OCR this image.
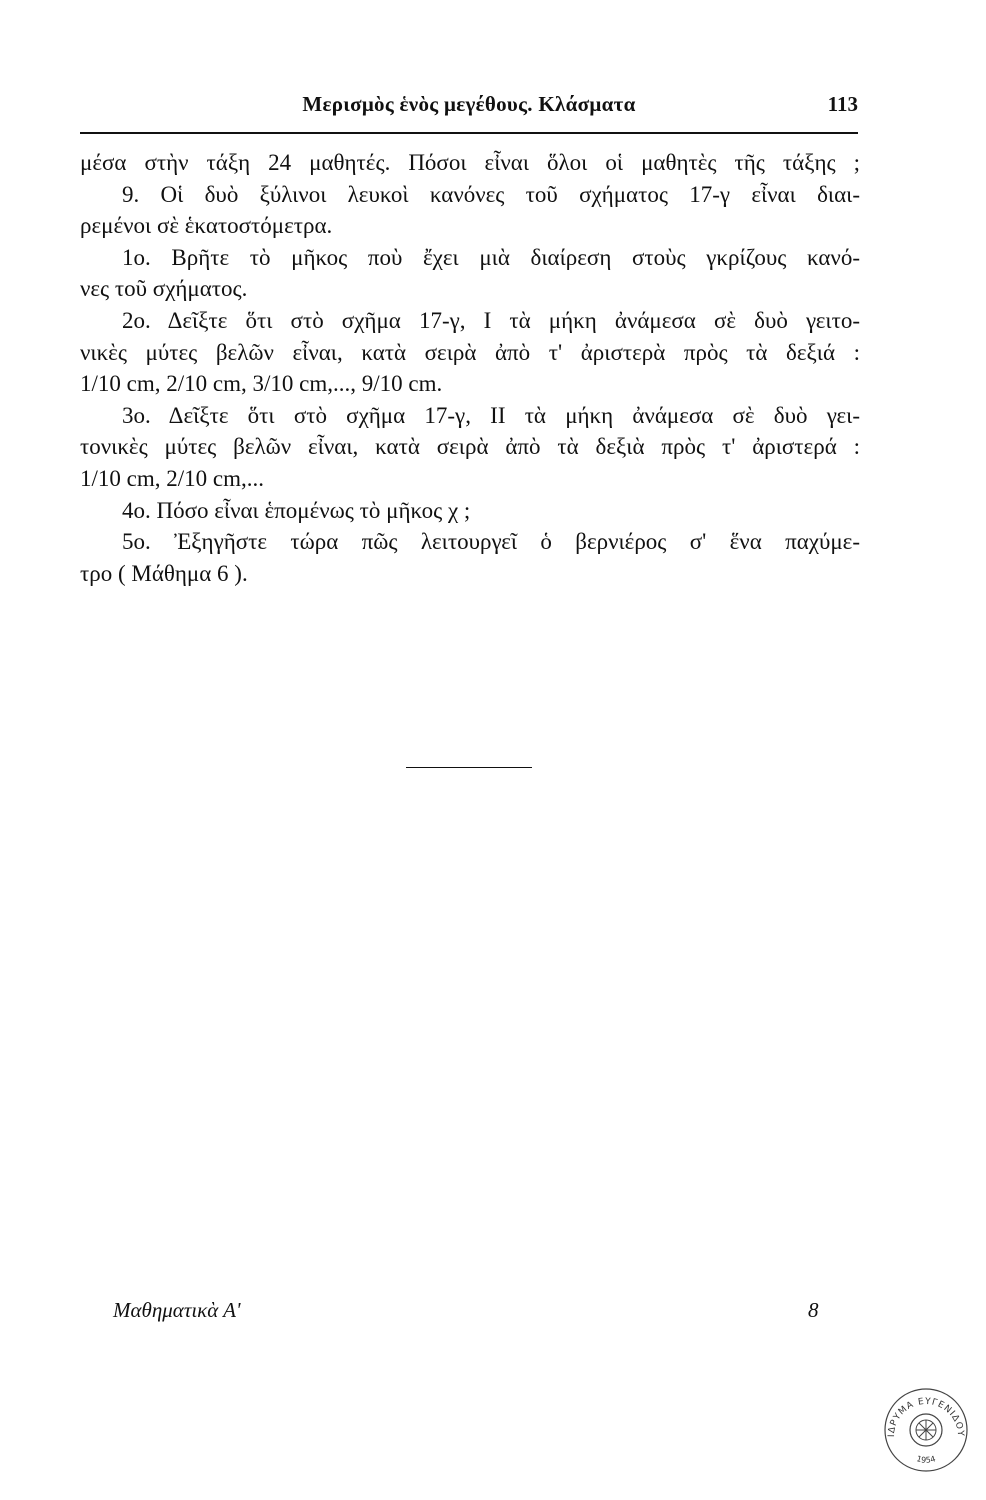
Μερισμὸς ἑνὸς μεγέθους. Κλάσματα	113
μέσα στὴν τάξη 24 μαθητές. Πόσοι εἶναι ὅλοι οἱ μαθητὲς τῆς τάξης ;
9. Οἱ δυὸ ξύλινοι λευκοὶ κανόνες τοῦ σχήματος 17-γ εἶναι διαι-
ρεμένοι σὲ ἑκατοστόμετρα.
1ο. Βρῆτε τὸ μῆκος ποὺ ἔχει μιὰ διαίρεση στοὺς γκρίζους κανό-
νες τοῦ σχήματος.
2ο. Δεῖξτε ὅτι στὸ σχῆμα 17-γ, I τὰ μήκη ἀνάμεσα σὲ δυὸ γειτο-
νικὲς μύτες βελῶν εἶναι, κατὰ σειρὰ ἀπὸ τ' ἀριστερὰ πρὸς τὰ δεξιά :
1/10 cm, 2/10 cm, 3/10 cm,..., 9/10 cm.
3ο. Δεῖξτε ὅτι στὸ σχῆμα 17-γ, II τὰ μήκη ἀνάμεσα σὲ δυὸ γει-
τονικὲς μύτες βελῶν εἶναι, κατὰ σειρὰ ἀπὸ τὰ δεξιὰ πρὸς τ' ἀριστερά :
1/10 cm, 2/10 cm,...
4ο. Πόσο εἶναι ἑπομένως τὸ μῆκος χ ;
5ο. Ἐξηγῆστε τώρα πῶς λειτουργεῖ ὁ βερνιέρος σ' ἕνα παχύμε-
τρο ( Μάθημα 6 ).
Μαθηματικὰ Α'	8
ΙΔΡΥΜΑ ΕΥΓΕΝΙΔΟΥ
1954
